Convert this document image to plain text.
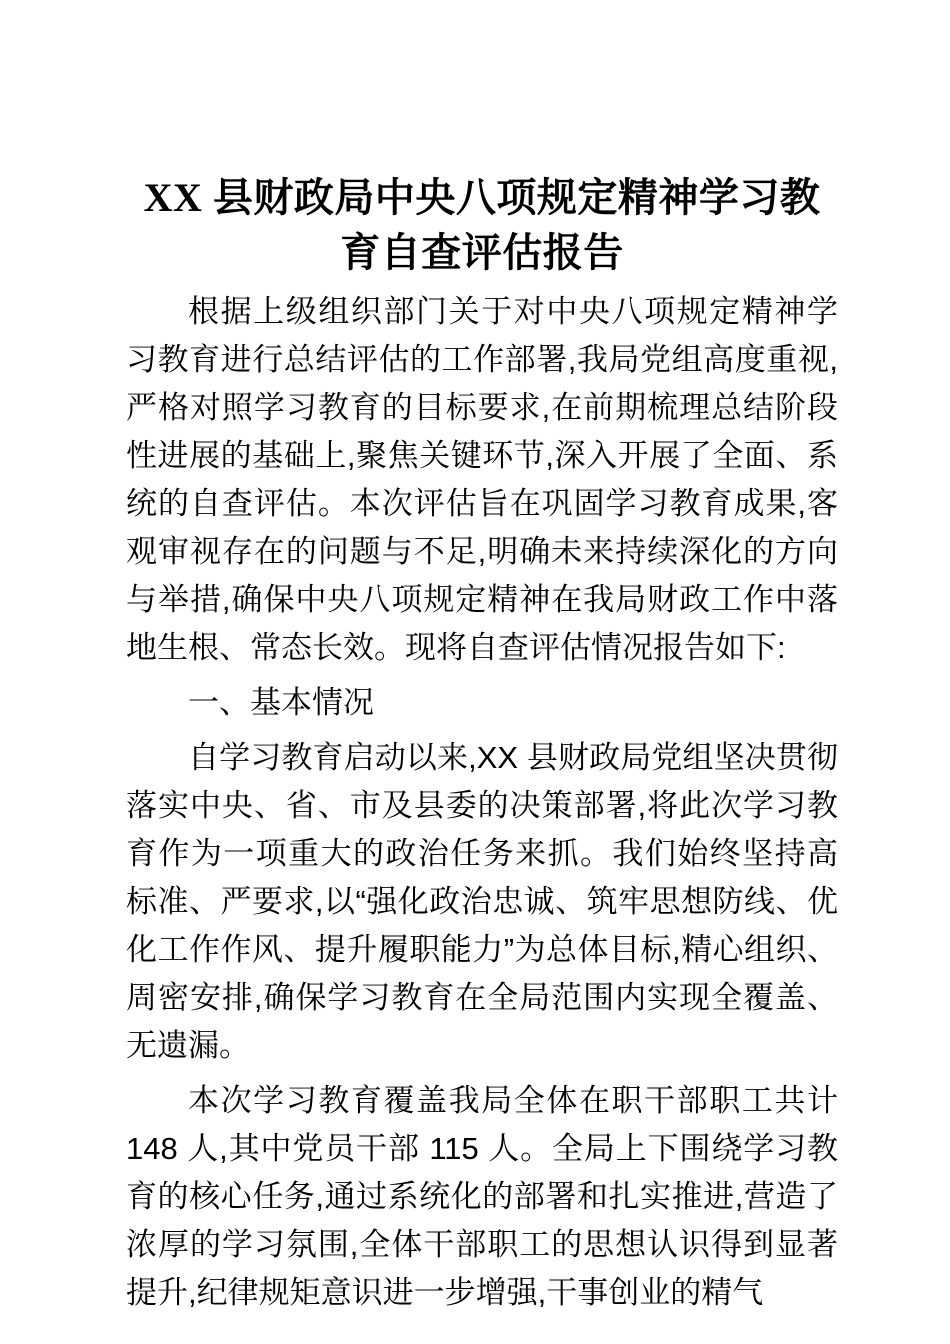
XX 县财政局中央八项规定精神学习教育自查评估报告

根据上级组织部门关于对中央八项规定精神学习教育进行总结评估的工作部署,我局党组高度重视,严格对照学习教育的目标要求,在前期梳理总结阶段性进展的基础上,聚焦关键环节,深入开展了全面、系统的自查评估。本次评估旨在巩固学习教育成果,客观审视存在的问题与不足,明确未来持续深化的方向与举措,确保中央八项规定精神在我局财政工作中落地生根、常态长效。现将自查评估情况报告如下:

一、基本情况

自学习教育启动以来,XX 县财政局党组坚决贯彻落实中央、省、市及县委的决策部署,将此次学习教育作为一项重大的政治任务来抓。我们始终坚持高标准、严要求,以“强化政治忠诚、筑牢思想防线、优化工作作风、提升履职能力”为总体目标,精心组织、周密安排,确保学习教育在全局范围内实现全覆盖、无遗漏。

本次学习教育覆盖我局全体在职干部职工共计 148 人,其中党员干部 115 人。全局上下围绕学习教育的核心任务,通过系统化的部署和扎实推进,营造了浓厚的学习氛围,全体干部职工的思想认识得到显著提升,纪律规矩意识进一步增强,干事创业的精气
